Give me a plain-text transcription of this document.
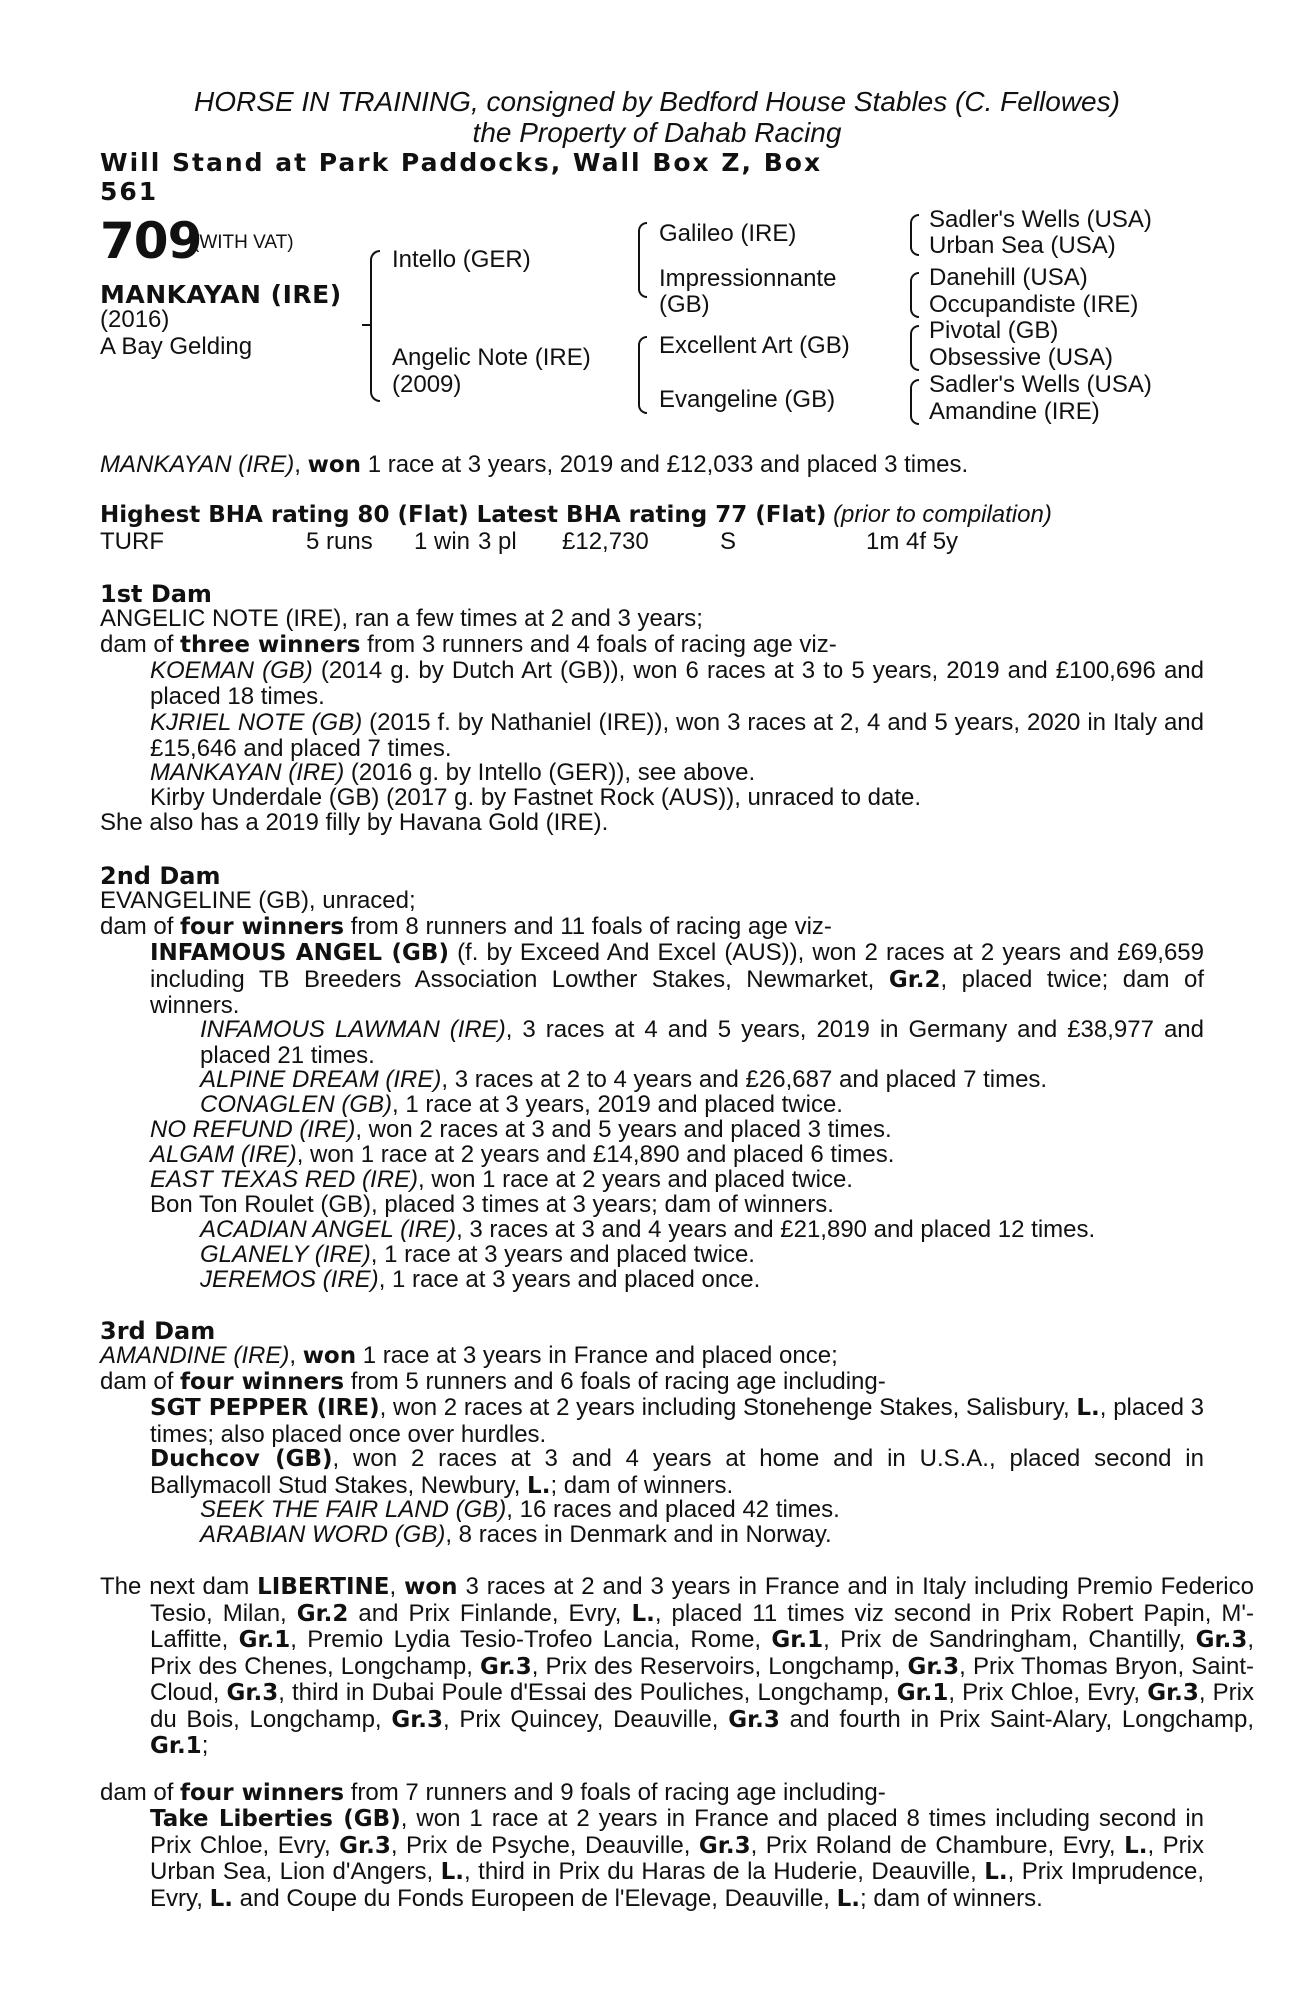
HORSE IN TRAINING, consigned by Bedford House Stables (C. Fellowes)
the Property of Dahab Racing
Will Stand at Park Paddocks, Wall Box Z, Box 561
709
(WITH VAT)
MANKAYAN (IRE)
(2016)
A Bay Gelding
Intello (GER)
Angelic Note (IRE)
(2009)
Galileo (IRE)
Impressionnante
(GB)
Excellent Art (GB)
Evangeline (GB)
Sadler's Wells (USA)
Urban Sea (USA)
Danehill (USA)
Occupandiste (IRE)
Pivotal (GB)
Obsessive (USA)
Sadler's Wells (USA)
Amandine (IRE)
MANKAYAN (IRE), won 1 race at 3 years, 2019 and £12,033 and placed 3 times.
Highest BHA rating 80 (Flat) Latest BHA rating 77 (Flat) (prior to compilation)
TURF	5 runs 1 win 3 pl £12,730	S	1m 4f 5y
1st Dam
ANGELIC NOTE (IRE), ran a few times at 2 and 3 years;
dam of three winners from 3 runners and 4 foals of racing age viz-
KOEMAN (GB) (2014 g. by Dutch Art (GB)), won 6 races at 3 to 5 years, 2019 and £100,696 and placed 18 times.
KJRIEL NOTE (GB) (2015 f. by Nathaniel (IRE)), won 3 races at 2, 4 and 5 years, 2020 in Italy and £15,646 and placed 7 times.
MANKAYAN (IRE) (2016 g. by Intello (GER)), see above.
Kirby Underdale (GB) (2017 g. by Fastnet Rock (AUS)), unraced to date.
She also has a 2019 filly by Havana Gold (IRE).
2nd Dam
EVANGELINE (GB), unraced;
dam of four winners from 8 runners and 11 foals of racing age viz-
INFAMOUS ANGEL (GB) (f. by Exceed And Excel (AUS)), won 2 races at 2 years and £69,659 including TB Breeders Association Lowther Stakes, Newmarket, Gr.2, placed twice; dam of winners.
INFAMOUS LAWMAN (IRE), 3 races at 4 and 5 years, 2019 in Germany and £38,977 and placed 21 times.
ALPINE DREAM (IRE), 3 races at 2 to 4 years and £26,687 and placed 7 times.
CONAGLEN (GB), 1 race at 3 years, 2019 and placed twice.
NO REFUND (IRE), won 2 races at 3 and 5 years and placed 3 times.
ALGAM (IRE), won 1 race at 2 years and £14,890 and placed 6 times.
EAST TEXAS RED (IRE), won 1 race at 2 years and placed twice.
Bon Ton Roulet (GB), placed 3 times at 3 years; dam of winners.
ACADIAN ANGEL (IRE), 3 races at 3 and 4 years and £21,890 and placed 12 times.
GLANELY (IRE), 1 race at 3 years and placed twice.
JEREMOS (IRE), 1 race at 3 years and placed once.
3rd Dam
AMANDINE (IRE), won 1 race at 3 years in France and placed once;
dam of four winners from 5 runners and 6 foals of racing age including-
SGT PEPPER (IRE), won 2 races at 2 years including Stonehenge Stakes, Salisbury, L., placed 3 times; also placed once over hurdles.
Duchcov (GB), won 2 races at 3 and 4 years at home and in U.S.A., placed second in Ballymacoll Stud Stakes, Newbury, L.; dam of winners.
SEEK THE FAIR LAND (GB), 16 races and placed 42 times.
ARABIAN WORD (GB), 8 races in Denmark and in Norway.
The next dam LIBERTINE, won 3 races at 2 and 3 years in France and in Italy including Premio Federico Tesio, Milan, Gr.2 and Prix Finlande, Evry, L., placed 11 times viz second in Prix Robert Papin, M'-Laffitte, Gr.1, Premio Lydia Tesio-Trofeo Lancia, Rome, Gr.1, Prix de Sandringham, Chantilly, Gr.3, Prix des Chenes, Longchamp, Gr.3, Prix des Reservoirs, Longchamp, Gr.3, Prix Thomas Bryon, Saint-Cloud, Gr.3, third in Dubai Poule d'Essai des Pouliches, Longchamp, Gr.1, Prix Chloe, Evry, Gr.3, Prix du Bois, Longchamp, Gr.3, Prix Quincey, Deauville, Gr.3 and fourth in Prix Saint-Alary, Longchamp, Gr.1;
dam of four winners from 7 runners and 9 foals of racing age including-
Take Liberties (GB), won 1 race at 2 years in France and placed 8 times including second in Prix Chloe, Evry, Gr.3, Prix de Psyche, Deauville, Gr.3, Prix Roland de Chambure, Evry, L., Prix Urban Sea, Lion d'Angers, L., third in Prix du Haras de la Huderie, Deauville, L., Prix Imprudence, Evry, L. and Coupe du Fonds Europeen de l'Elevage, Deauville, L.; dam of winners.
